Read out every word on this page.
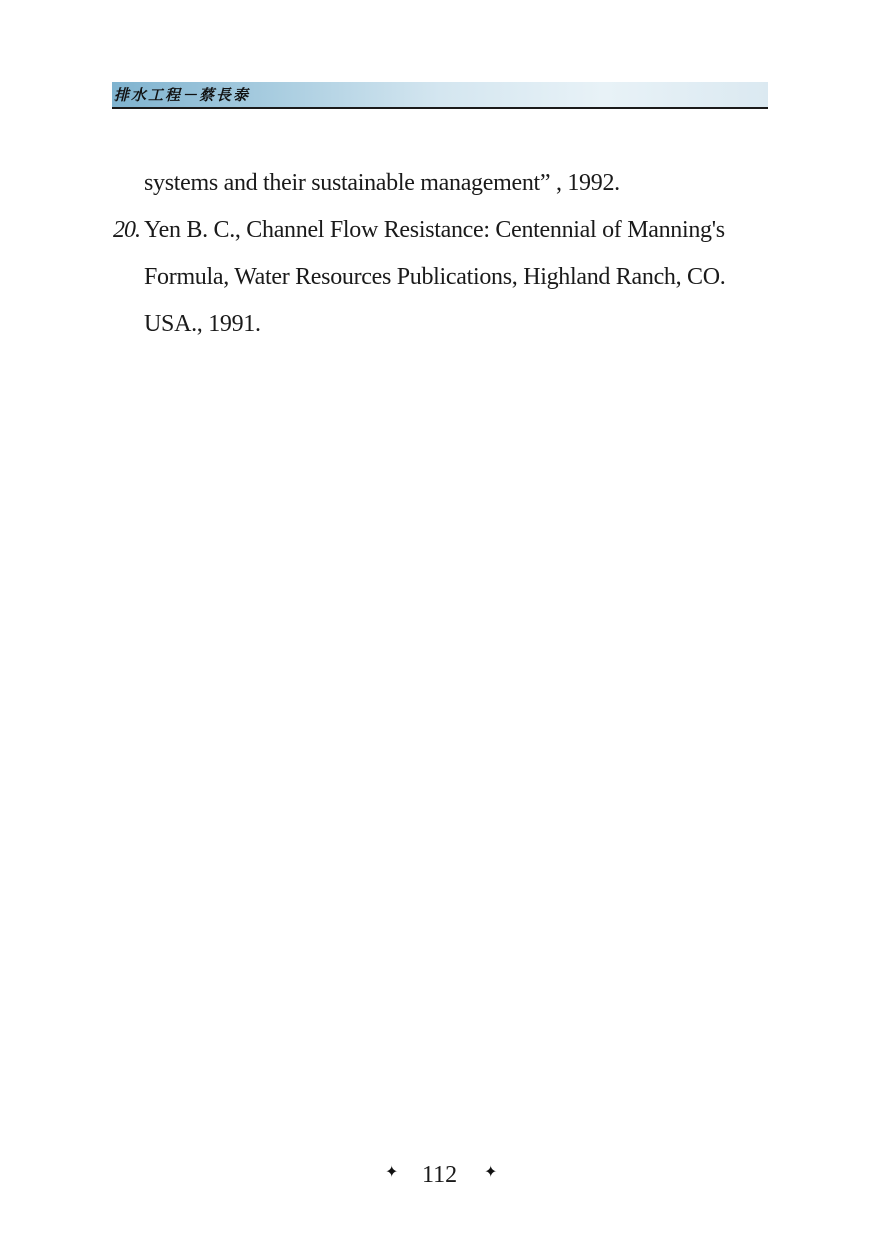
排水工程－蔡長泰
systems and their sustainable management” , 1992.
20. Yen B. C., Channel Flow Resistance: Centennial of Manning's
Formula, Water Resources Publications, Highland Ranch, CO.
USA., 1991.
✦ 112 ✦
